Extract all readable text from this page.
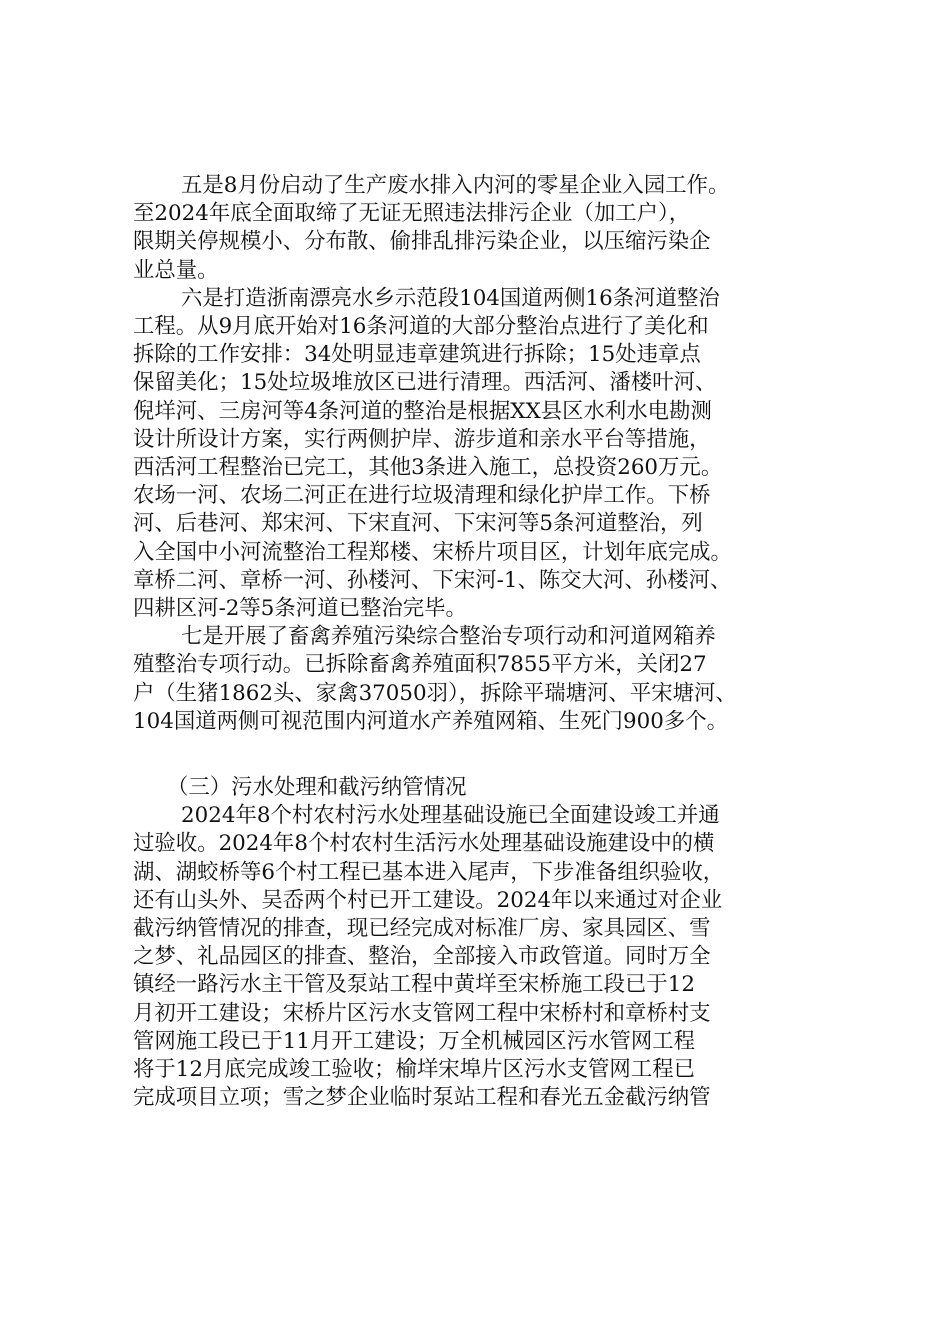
五是8月份启动了生产废水排入内河的零星企业入园工作。
至2024年底全面取缔了无证无照违法排污企业（加工户），
限期关停规模小、分布散、偷排乱排污染企业，以压缩污染企
业总量。
六是打造浙南漂亮水乡示范段104国道两侧16条河道整治
工程。从9月底开始对16条河道的大部分整治点进行了美化和
拆除的工作安排：34处明显违章建筑进行拆除；15处违章点
保留美化；15处垃圾堆放区已进行清理。西活河、潘楼叶河、
倪垟河、三房河等4条河道的整治是根据XX县区水利水电勘测
设计所设计方案，实行两侧护岸、游步道和亲水平台等措施，
西活河工程整治已完工，其他3条进入施工，总投资260万元。
农场一河、农场二河正在进行垃圾清理和绿化护岸工作。下桥
河、后巷河、郑宋河、下宋直河、下宋河等5条河道整治，列
入全国中小河流整治工程郑楼、宋桥片项目区，计划年底完成。
章桥二河、章桥一河、孙楼河、下宋河-1、陈交大河、孙楼河、
四耕区河-2等5条河道已整治完毕。
七是开展了畜禽养殖污染综合整治专项行动和河道网箱养
殖整治专项行动。已拆除畜禽养殖面积7855平方米，关闭27
户（生猪1862头、家禽37050羽），拆除平瑞塘河、平宋塘河、
104国道两侧可视范围内河道水产养殖网箱、生死门900多个。
（三）污水处理和截污纳管情况
2024年8个村农村污水处理基础设施已全面建设竣工并通
过验收。2024年8个村农村生活污水处理基础设施建设中的横
湖、湖蛟桥等6个村工程已基本进入尾声，下步准备组织验收，
还有山头外、吴岙两个村已开工建设。2024年以来通过对企业
截污纳管情况的排查，现已经完成对标准厂房、家具园区、雪
之梦、礼品园区的排查、整治，全部接入市政管道。同时万全
镇经一路污水主干管及泵站工程中黄垟至宋桥施工段已于12
月初开工建设；宋桥片区污水支管网工程中宋桥村和章桥村支
管网施工段已于11月开工建设；万全机械园区污水管网工程
将于12月底完成竣工验收；榆垟宋埠片区污水支管网工程已
完成项目立项；雪之梦企业临时泵站工程和春光五金截污纳管
